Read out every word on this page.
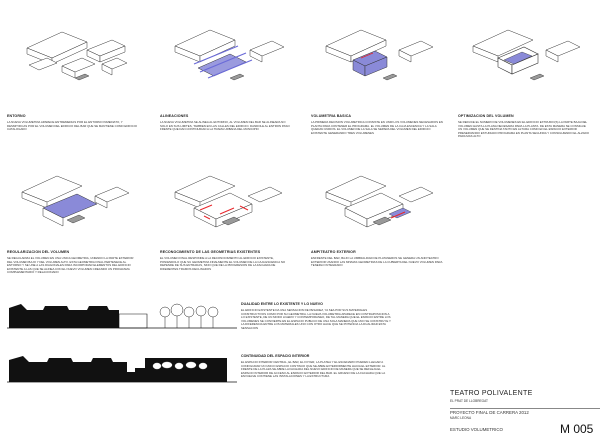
ENTORNO
LA NUEVA VOLUMETRIA APARECE ENTREMEDIAS POR EL ENTORNO INMEDIATO, Y DESMITIFICAS POR EL VOLUMEN DEL EDIFICIO DEL BAR QUE SE MANTIENE COMO EDIFICIO CATALOGADO
ALINEACIONES
LA NUEVA VOLUMETRIA SE ALINEA AL ENTORNO, AL VOLUMEN DEL BAR SE ALINEARA NO SOLO EN SUS LIMITES, TAMBIEN EN LAS CALLES DEL EDIFICIO. DANDOLE AL ENTRON PASO FRENTE QUE DAN CONTINUIDAD A LA TRAMA URBANA DEL MUNICIPIO
VOLUMETRIA BASICA
LA PRIMERA DECISION VOLUMETRICA CONSISTE EN UNIR LOS VOLUMENES NECESARIOS EN PLANTA PARA CONTENER EL PROGRAMA. EL VOLUMEN DE LA CAJA ESCENICA Y LA SALA QUEDAN UNIDOS. EL VOLUMEN DE LA SALA SE SEPARA DEL VOLUMEN DEL EDIFICIO EXISTENTE GENERANDO TRES VOLUMENES
OPTIMIZACION DEL VOLUMEN
SE REDUCE EL NUMERO DE VOLUMENES EN EL EDIFICIO EXTRUIDO(S) LA PARTE BAJA DEL VOLUMEN HASTA LA PLANA NECESARIA PARA LA PLANTA. DE ESTA MANERA SE CONSIGUE UN VOLUMEN QUE SE DESTINA TANTO EN ALTURA COMO EN EL ESPACIO EXTERIOR PRESERVANDO ESTUDIADO PROGRAMA EN PLANTA SEGUNDA Y CONSIGUIENDO EL ALZADO PARA MAS ALTO
REGULARIZACION DEL VOLUMEN
SE REGULARIZA EL VOLUMEN EN UNA UNICA GEOMETRIA, UNIENDO LA PARTE EXTERIOR DEL VOLUMEN BAJO Y DEL VOLUMEN ALTO. ESTA GEOMETRIA FINAL PERTENECE AL ENTORNO Y SE UNE A LAS DIAGONALES PARA INCORPORAR ELEMENTOS DEL EDIFICIO EXISTENTE A LAS QUE SE ALINEA CON EL NUEVO VOLUMEN CREANDO UN PROGRAMA COMPLEMENTARIO Y RELACIONADO
RECONOCIMIENTO DE LAS GEOMETRIAS EXISTENTES
EL VOLUMEN FINAL RESPONDE A LA RECONOCIMIENTO AL EDIFICIO EXISTENTE, PONIENDOLO QUE SU GEOMETRIA FINALMENTE EL VOLUMEN DE LA CAJA ESCENICA NO DEPENDE DE SUS ENTRADAS, SINO QUE DE LA PROGRESION DE LA FACHADA DE DIFERENTES TRAMOS DECLINADOS
AMPITEATRO EXTERIOR
ENFRENTE DEL BAR, BAJO LA UMBRALIDAD DE PLATANEROS SE GENERA UN ANFITEATRO EXTERIOR USANDO LAS MISMAS GEOMETRIAS DE LA CUBIERTA DEL NUEVO VOLUMEN PARA TENERLO INTEGRADO
DUALIDAD ENTRE LO EXISTENTE Y LO NUEVO
EL EDIFICIO EXISTENTE DA UNA SENSACION DE PESADEZ, YA SEA POR SUS MATERIALES CONSTRUCTIVOS COMO POR SU GEOMETRIA. LA NUEVA VOLUMETRIA APARECE EN CONTRAPOSICION A LO EXISTENTE, DE UN MODO LIGERO Y CONTEMPORANEO, DE TAL MANERA QUE EL ESPACIO ENTRE LOS VOLUMENES SE CONVIERTE EN EL ESPACIO PUBLICO DE UNA SOLA MANERA QUE UNO SE CONSTRUYE Y LA DIFERENCIA ENTRE LOS MATERIALES UNO CON OTRO HACE QUE SE POTENCIA LA DUALIDAD ESTA SENSACION
CONTINUIDAD DEL ESPACIO INTERIOR
EL ESPACIO INTERIOR CENTRAL, EL BAR, EL FOYER, LA PLATEA Y EL ESCENARIO PUEDEN LLEGAR A CONFIGURAR UN UNICO ESPACIO CONTINUO QUE SE ABRE EXTERIORMENTE HACIA EL EXTERIOR. AL FRENTE DE LA PLAZA SE ABRE LA FACHADA DEL NUEVO EDIFICIO DE MANERA QUE SE REFLEJA EL ESPACIO INTERIOR DE ACCESO AL ESPACIO EXTERIOR DEL BAR. EL GRUESO DE LA FACHADA QUE LA ENVUELVE CONTIENE LAS INSTALACIONES Y LA ESTRUCTURA
TEATRO POLIVALENTE
EL PRAT DE LLOBREGAT
PROYECTO FINAL DE CARRERA 2012
MARC LEONA
ESTUDIO VOLUMETRICO	M 005
